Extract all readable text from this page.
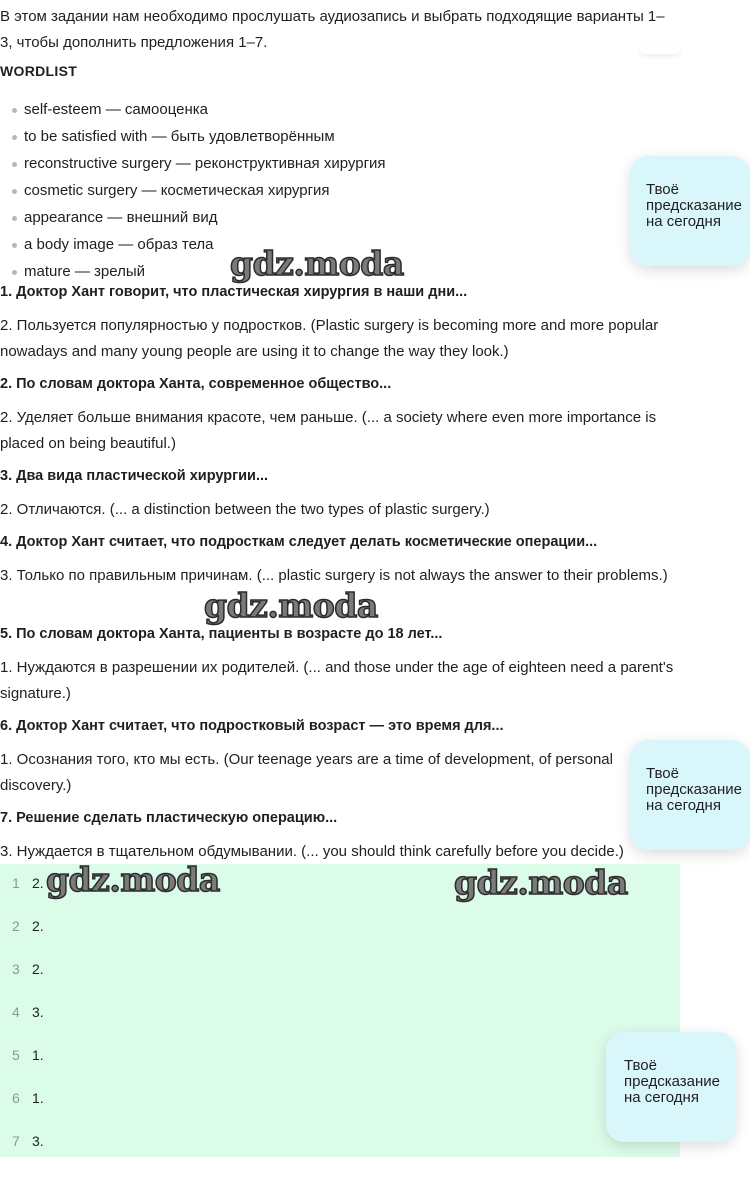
В этом задании нам необходимо прослушать аудиозапись и выбрать подходящие варианты 1–3, чтобы дополнить предложения 1–7.
WORDLIST
self-esteem — самооценка
to be satisfied with — быть удовлетворённым
reconstructive surgery — реконструктивная хирургия
cosmetic surgery — косметическая хирургия
appearance — внешний вид
a body image — образ тела
mature — зрелый
1. Доктор Хант говорит, что пластическая хирургия в наши дни...
2. Пользуется популярностью у подростков. (Plastic surgery is becoming more and more popular nowadays and many young people are using it to change the way they look.)
2. По словам доктора Ханта, современное общество...
2. Уделяет больше внимания красоте, чем раньше. (... a society where even more importance is placed on being beautiful.)
3. Два вида пластической хирургии...
2. Отличаются. (... a distinction between the two types of plastic surgery.)
4. Доктор Хант считает, что подросткам следует делать косметические операции...
3. Только по правильным причинам. (... plastic surgery is not always the answer to their problems.)
5. По словам доктора Ханта, пациенты в возрасте до 18 лет...
1. Нуждаются в разрешении их родителей. (... and those under the age of eighteen need a parent's signature.)
6. Доктор Хант считает, что подростковый возраст — это время для...
1. Осознания того, кто мы есть. (Our teenage years are a time of development, of personal discovery.)
7. Решение сделать пластическую операцию...
3. Нуждается в тщательном обдумывании. (... you should think carefully before you decide.)
1 2.
2 2.
3 2.
4 3.
5 1.
6 1.
7 3.
gdz.moda
gdz.moda
gdz.moda	gdz.moda
Твоё
предсказание
на сегодня
Твоё
предсказание
на сегодня
Твоё
предсказание
на сегодня
